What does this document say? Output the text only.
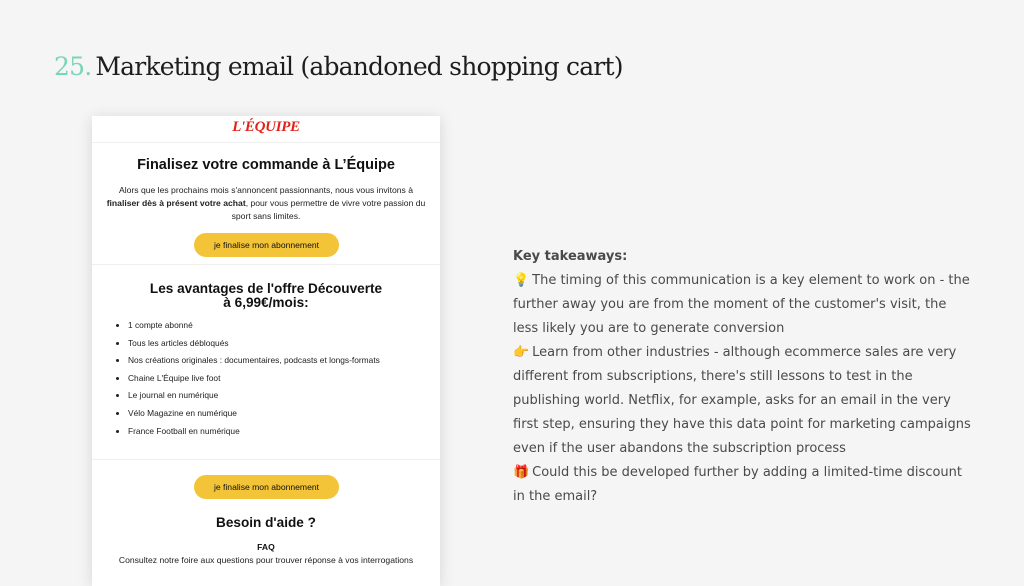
25. Marketing email (abandoned shopping cart)
L'ÉQUIPE
Finalisez votre commande à L’Équipe
Alors que les prochains mois s'annoncent passionnants, nous vous invitons à finaliser dès à présent votre achat, pour vous permettre de vivre votre passion du sport sans limites.
je finalise mon abonnement
Les avantages de l'offre Découverte
à 6,99€/mois:
• 1 compte abonné
• Tous les articles débloqués
• Nos créations originales : documentaires, podcasts et longs-formats
• Chaine L'Équipe live foot
• Le journal en numérique
• Vélo Magazine en numérique
• France Football en numérique
je finalise mon abonnement
Besoin d'aide ?
FAQ
Consultez notre foire aux questions pour trouver réponse à vos interrogations

Key takeaways:

💡 The timing of this communication is a key element to work on - the further away you are from the moment of the customer's visit, the less likely you are to generate conversion

👉 Learn from other industries - although ecommerce sales are very different from subscriptions, there's still lessons to test in the publishing world. Netflix, for example, asks for an email in the very first step, ensuring they have this data point for marketing campaigns even if the user abandons the subscription process

🎁 Could this be developed further by adding a limited-time discount in the email?
